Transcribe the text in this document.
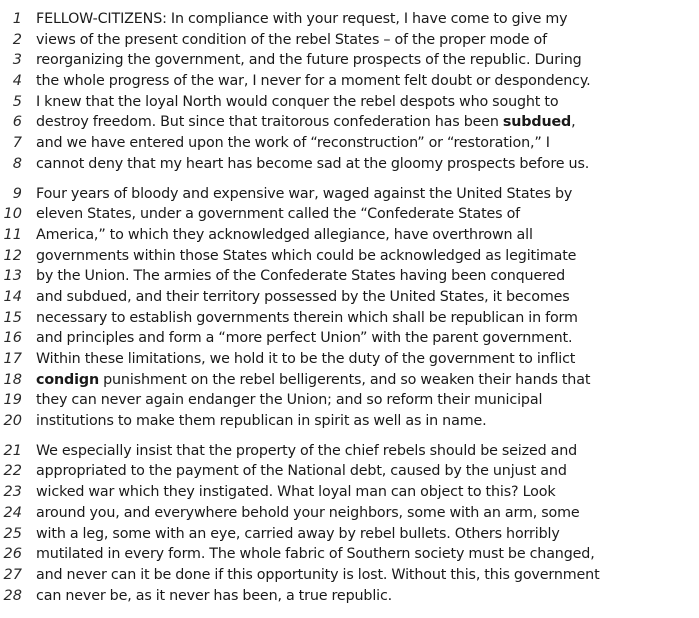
1 FELLOW-CITIZENS: In compliance with your request, I have come to give my
2 views of the present condition of the rebel States – of the proper mode of
3 reorganizing the government, and the future prospects of the republic. During
4 the whole progress of the war, I never for a moment felt doubt or despondency.
5 I knew that the loyal North would conquer the rebel despots who sought to
6 destroy freedom. But since that traitorous confederation has been subdued,
7 and we have entered upon the work of “reconstruction” or “restoration,” I
8 cannot deny that my heart has become sad at the gloomy prospects before us.
9 Four years of bloody and expensive war, waged against the United States by
10 eleven States, under a government called the “Confederate States of
11 America,” to which they acknowledged allegiance, have overthrown all
12 governments within those States which could be acknowledged as legitimate
13 by the Union. The armies of the Confederate States having been conquered
14 and subdued, and their territory possessed by the United States, it becomes
15 necessary to establish governments therein which shall be republican in form
16 and principles and form a “more perfect Union” with the parent government.
17 Within these limitations, we hold it to be the duty of the government to inflict
18 condign punishment on the rebel belligerents, and so weaken their hands that
19 they can never again endanger the Union; and so reform their municipal
20 institutions to make them republican in spirit as well as in name.
21 We especially insist that the property of the chief rebels should be seized and
22 appropriated to the payment of the National debt, caused by the unjust and
23 wicked war which they instigated. What loyal man can object to this? Look
24 around you, and everywhere behold your neighbors, some with an arm, some
25 with a leg, some with an eye, carried away by rebel bullets. Others horribly
26 mutilated in every form. The whole fabric of Southern society must be changed,
27 and never can it be done if this opportunity is lost. Without this, this government
28 can never be, as it never has been, a true republic.
